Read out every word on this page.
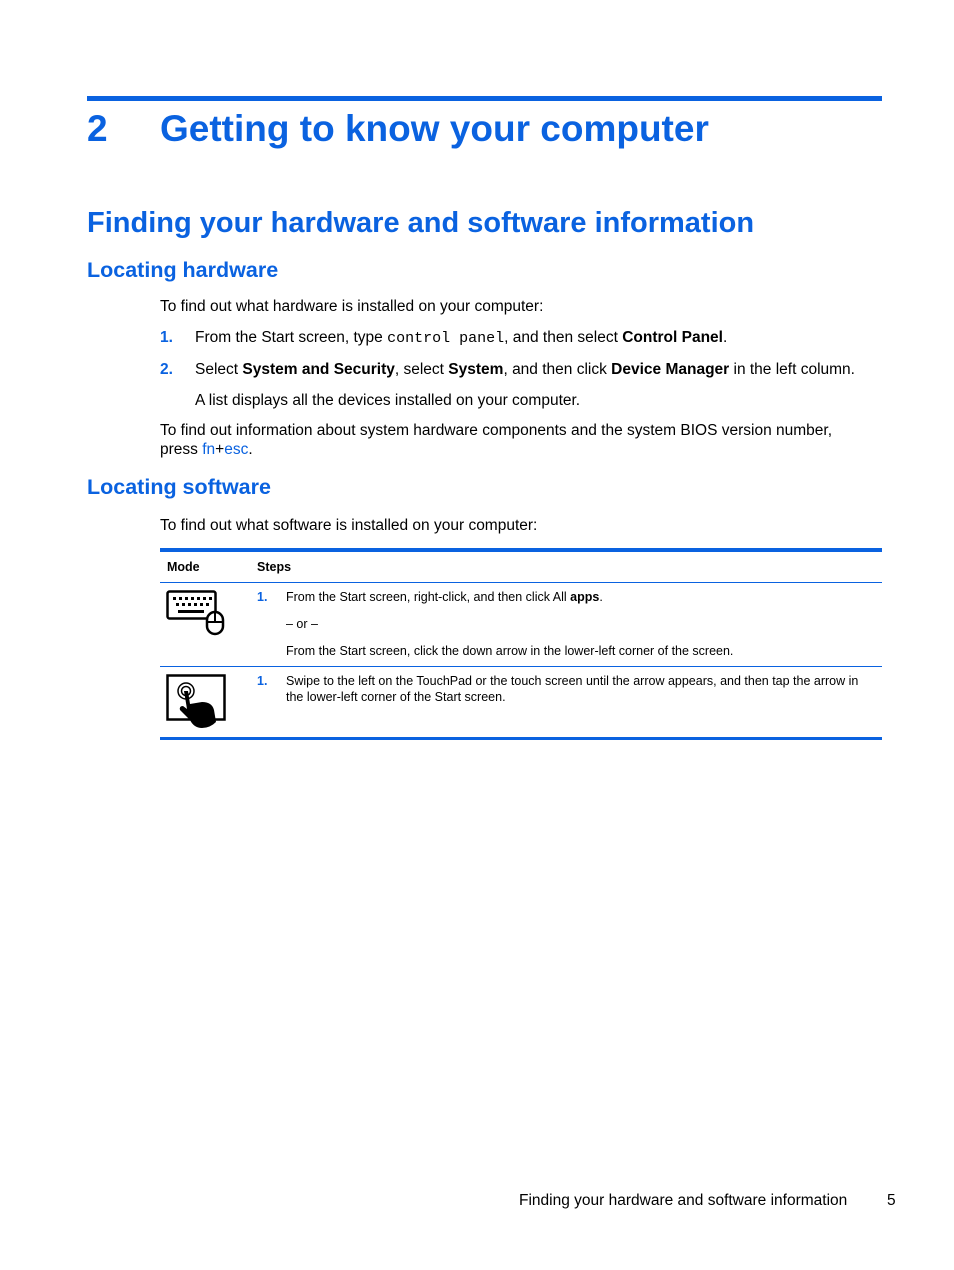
2 Getting to know your computer
Finding your hardware and software information
Locating hardware

To find out what hardware is installed on your computer:

1. From the Start screen, type control panel, and then select Control Panel.
2. Select System and Security, select System, and then click Device Manager in the left column.

A list displays all the devices installed on your computer.

To find out information about system hardware components and the system BIOS version number,

press fn+esc.

Locating software

To find out what software is installed on your computer:

Mode	Steps
1. From the Start screen, right-click, and then click All apps.
– or –
From the Start screen, click the down arrow in the lower-left corner of the screen.
1. Swipe to the left on the TouchPad or the touch screen until the arrow appears, and then tap the arrow in
the lower-left corner of the Start screen.
Finding your hardware and software information	5
